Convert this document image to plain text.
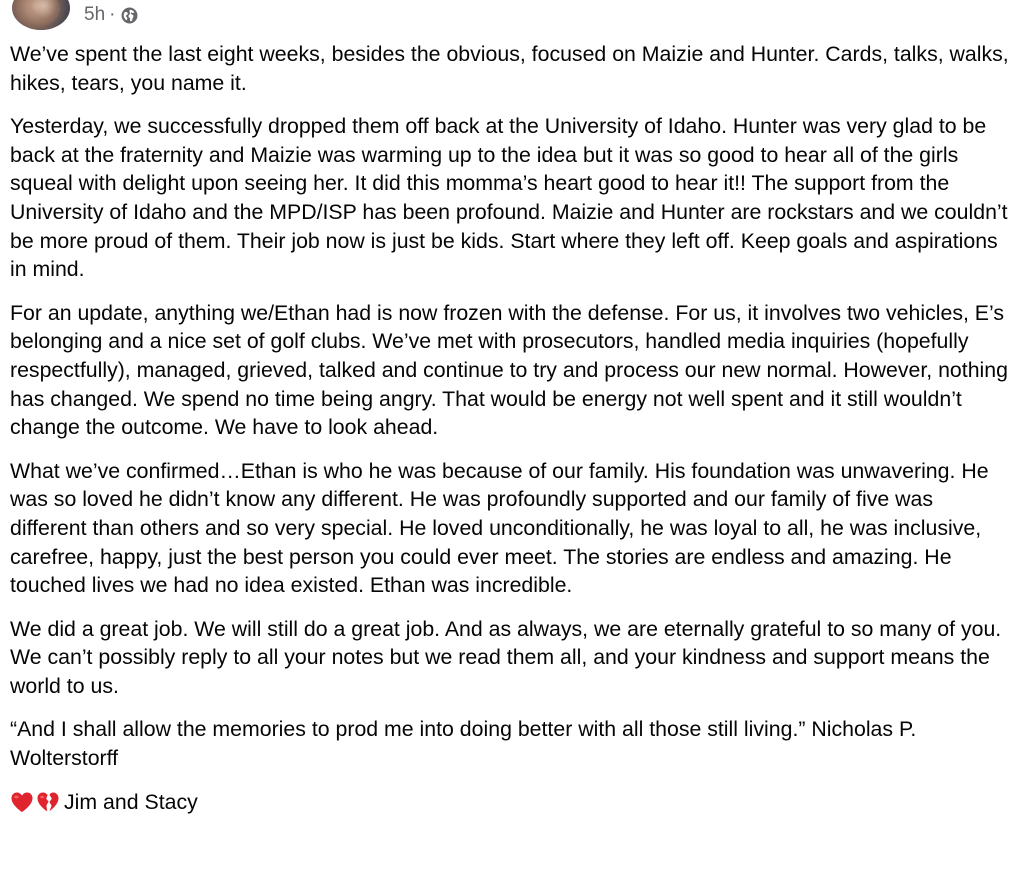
5h ·

We’ve spent the last eight weeks, besides the obvious, focused on Maizie and Hunter. Cards, talks, walks, hikes, tears, you name it.

Yesterday, we successfully dropped them off back at the University of Idaho. Hunter was very glad to be back at the fraternity and Maizie was warming up to the idea but it was so good to hear all of the girls squeal with delight upon seeing her. It did this momma’s heart good to hear it!! The support from the University of Idaho and the MPD/ISP has been profound. Maizie and Hunter are rockstars and we couldn’t be more proud of them. Their job now is just be kids. Start where they left off. Keep goals and aspirations in mind.

For an update, anything we/Ethan had is now frozen with the defense. For us, it involves two vehicles, E’s belonging and a nice set of golf clubs. We’ve met with prosecutors, handled media inquiries (hopefully respectfully), managed, grieved, talked and continue to try and process our new normal. However, nothing has changed. We spend no time being angry. That would be energy not well spent and it still wouldn’t change the outcome. We have to look ahead.

What we’ve confirmed…Ethan is who he was because of our family. His foundation was unwavering. He was so loved he didn’t know any different. He was profoundly supported and our family of five was different than others and so very special. He loved unconditionally, he was loyal to all, he was inclusive, carefree, happy, just the best person you could ever meet. The stories are endless and amazing. He touched lives we had no idea existed. Ethan was incredible.

We did a great job. We will still do a great job. And as always, we are eternally grateful to so many of you. We can’t possibly reply to all your notes but we read them all, and your kindness and support means the world to us.

“And I shall allow the memories to prod me into doing better with all those still living.” Nicholas P. Wolterstorff

Jim and Stacy
